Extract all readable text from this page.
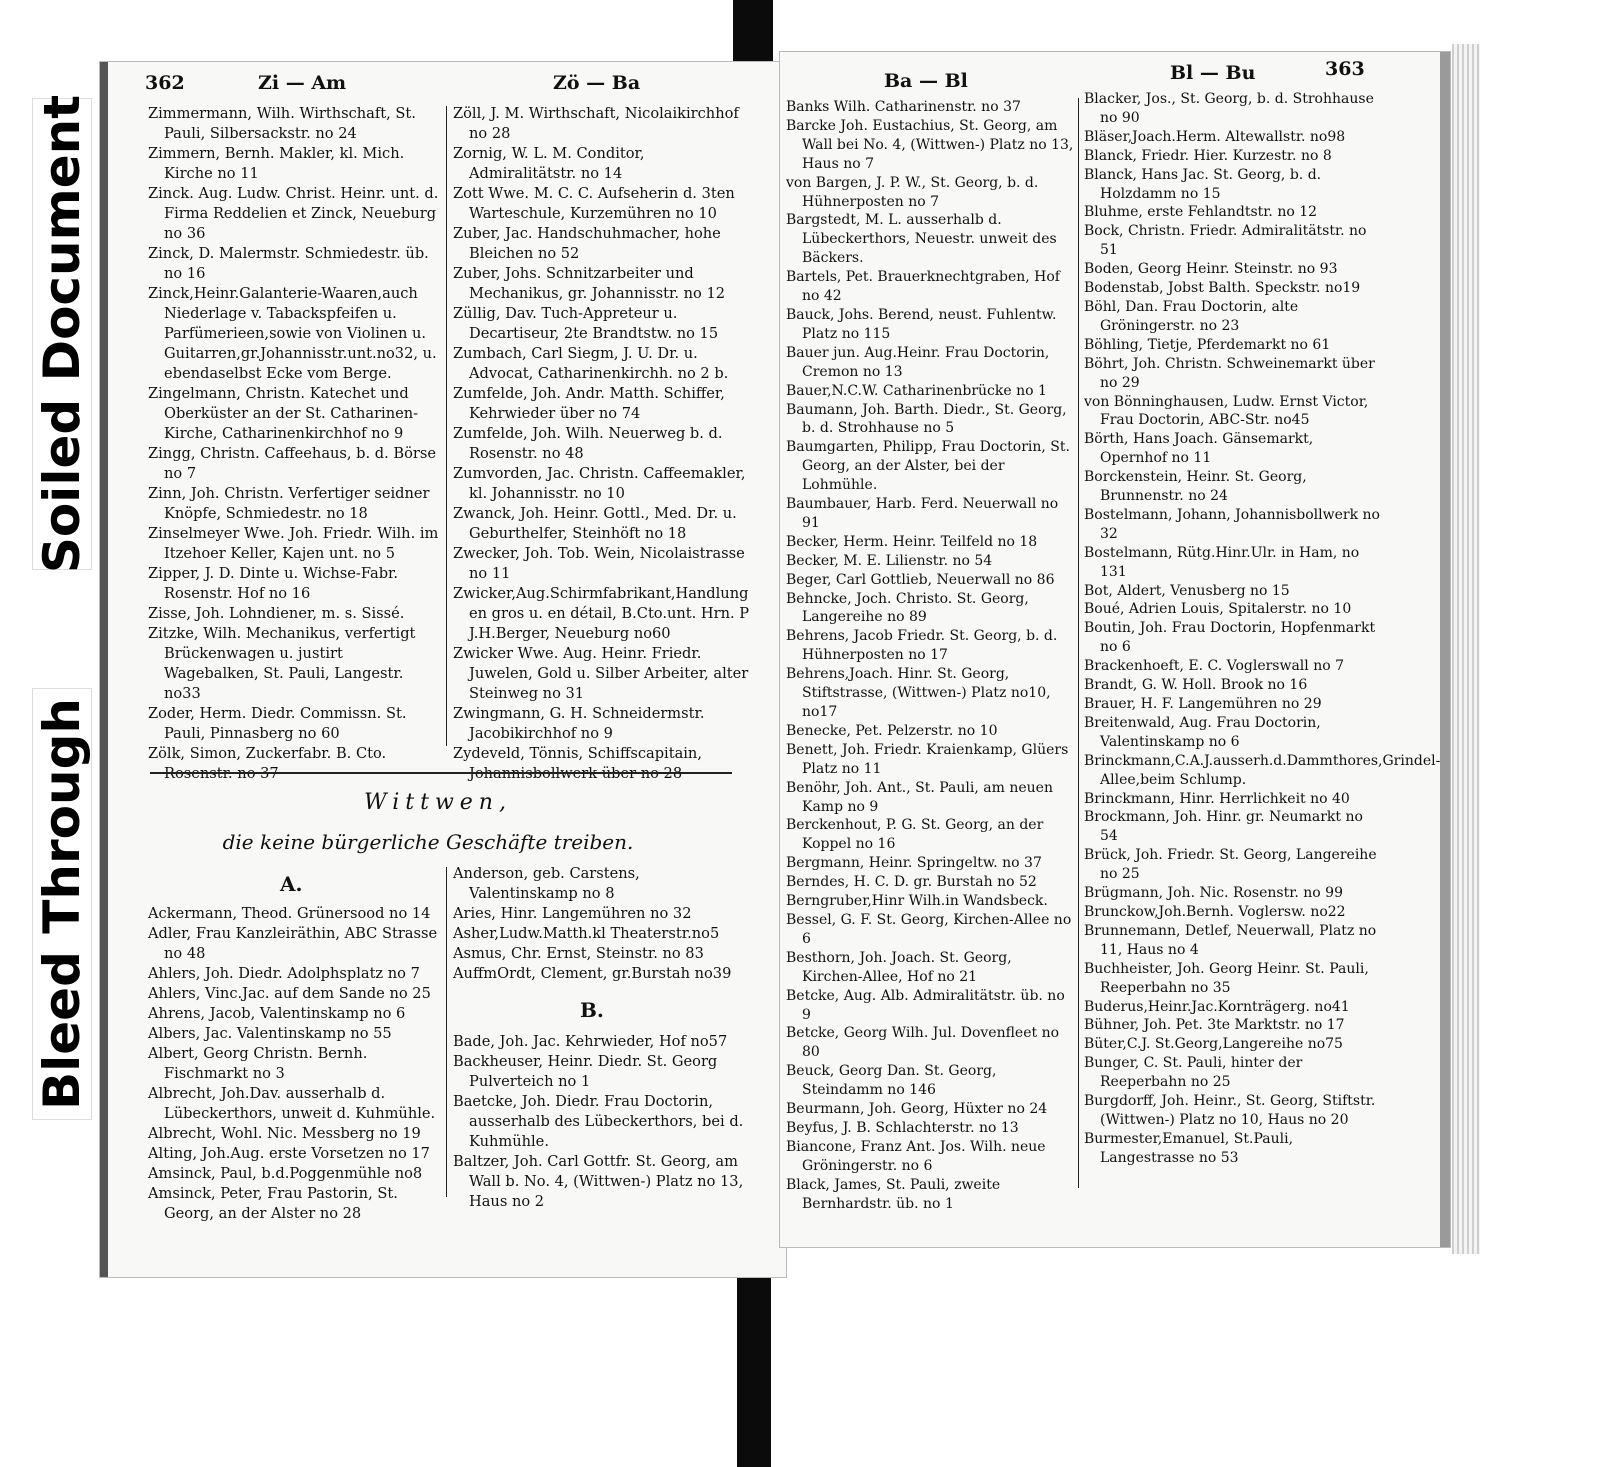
Soiled Document
Bleed Through
362	Zi — Am	Zö — Ba
Zimmermann, Wilh. Wirthschaft, St. Pauli, Silbersackstr. no 24
Zimmern, Bernh. Makler, kl. Mich. Kirche no 11
Zinck. Aug. Ludw. Christ. Heinr. unt. d. Firma Reddelien et Zinck, Neueburg no 36
Zinck, D. Malermstr. Schmiedestr. üb. no 16
Zinck,Heinr.Galanterie-Waaren,auch Niederlage v. Tabackspfeifen u. Parfümerieen,sowie von Violinen u. Guitarren,gr.Johannisstr.unt.no32, u. ebendaselbst Ecke vom Berge.
Zingelmann, Christn. Katechet und Oberküster an der St. Catharinen-Kirche, Catharinenkirchhof no 9
Zingg, Christn. Caffeehaus, b. d. Börse no 7
Zinn, Joh. Christn. Verfertiger seidner Knöpfe, Schmiedestr. no 18
Zinselmeyer Wwe. Joh. Friedr. Wilh. im Itzehoer Keller, Kajen unt. no 5
Zipper, J. D. Dinte u. Wichse-Fabr. Rosenstr. Hof no 16
Zisse, Joh. Lohndiener, m. s. Sissé.
Zitzke, Wilh. Mechanikus, verfertigt Brückenwagen u. justirt Wagebalken, St. Pauli, Langestr. no33
Zoder, Herm. Diedr. Commissn. St. Pauli, Pinnasberg no 60
Zölk, Simon, Zuckerfabr. B. Cto.
Zöll, J. M. Wirthschaft, Nicolaikirchhof no 28
Zornig, W. L. M. Conditor, Admiralitätstr. no 14
Zott Wwe. M. C. C. Aufseherin d. 3ten Warteschule, Kurzemühren no 10
Zuber, Jac. Handschuhmacher, hohe Bleichen no 52
Zuber, Johs. Schnitzarbeiter und Mechanikus, gr. Johannisstr. no 12
Züllig, Dav. Tuch-Appreteur u. Decartiseur, 2te Brandtstw. no 15
Zumbach, Carl Siegm, J. U. Dr. u. Advocat, Catharinenkirchh. no 2 b.
Zumfelde, Joh. Andr. Matth. Schiffer, Kehrwieder über no 74
Zumfelde, Joh. Wilh. Neuerweg b. d. Rosenstr. no 48
Zumvorden, Jac. Christn. Caffeemakler, kl. Johannisstr. no 10
Zwanck, Joh. Heinr. Gottl., Med. Dr. u. Geburthelfer, Steinhöft no 18
Zwecker, Joh. Tob. Wein, Nicolaistrasse no 11
Zwicker,Aug.Schirmfabrikant,Handlung en gros u. en détail, B.Cto.unt. Hrn. P J.H.Berger, Neueburg no60
Zwicker Wwe. Aug. Heinr. Friedr. Juwelen, Gold u. Silber Arbeiter, alter Steinweg no 31
Zwingmann, G. H. Schneidermstr. Jacobikirchhof no 9
Zydeveld, Tönnis, Schiffscapitain,
Wittwen,
die keine bürgerliche Geschäfte treiben.
A.
Ackermann, Theod. Grünersood no 14
Adler, Frau Kanzleiräthin, ABC Strasse no 48
Ahlers, Joh. Diedr. Adolphsplatz no 7
Ahlers, Vinc.Jac. auf dem Sande no 25
Ahrens, Jacob, Valentinskamp no 6
Albers, Jac. Valentinskamp no 55
Albert, Georg Christn. Bernh. Fischmarkt no 3
Albrecht, Joh.Dav. ausserhalb d. Lübeckerthors, unweit d. Kuhmühle.
Albrecht, Wohl. Nic. Messberg no 19
Alting, Joh.Aug. erste Vorsetzen no 17
Amsinck, Paul, b.d.Poggenmühle no8
Amsinck, Peter, Frau Pastorin, St. Georg, an der Alster no 28
Anderson, geb. Carstens, Valentinskamp no 8
Aries, Hinr. Langemühren no 32
Asher,Ludw.Matth.kl Theaterstr.no5
Asmus, Chr. Ernst, Steinstr. no 83
AuffmOrdt, Clement, gr.Burstah no39
B.
Bade, Joh. Jac. Kehrwieder, Hof no57
Backheuser, Heinr. Diedr. St. Georg Pulverteich no 1
Baetcke, Joh. Diedr. Frau Doctorin, ausserhalb des Lübeckerthors, bei d. Kuhmühle.
Baltzer, Joh. Carl Gottfr. St. Georg, am Wall b. No. 4, (Wittwen-) Platz no 13, Haus no 2
Ba — Bl	Bl — Bu	363
Banks Wilh. Catharinenstr. no 37
Barcke Joh. Eustachius, St. Georg, am Wall bei No. 4, (Wittwen-) Platz no 13, Haus no 7
von Bargen, J. P. W., St. Georg, b. d. Hühnerposten no 7
Bargstedt, M. L. ausserhalb d. Lübeckerthors, Neuestr. unweit des Bäckers.
Bartels, Pet. Brauerknechtgraben, Hof no 42
Bauck, Johs. Berend, neust. Fuhlentw. Platz no 115
Bauer jun. Aug.Heinr. Frau Doctorin, Cremon no 13
Bauer,N.C.W. Catharinenbrücke no 1
Baumann, Joh. Barth. Diedr., St. Georg, b. d. Strohhause no 5
Baumgarten, Philipp, Frau Doctorin, St. Georg, an der Alster, bei der Lohmühle.
Baumbauer, Harb. Ferd. Neuerwall no 91
Becker, Herm. Heinr. Teilfeld no 18
Becker, M. E. Lilienstr. no 54
Beger, Carl Gottlieb, Neuerwall no 86
Behncke, Joch. Christo. St. Georg, Langereihe no 89
Behrens, Jacob Friedr. St. Georg, b. d. Hühnerposten no 17
Behrens,Joach. Hinr. St. Georg, Stiftstrasse, (Wittwen-) Platz no10, no17
Benecke, Pet. Pelzerstr. no 10
Benett, Joh. Friedr. Kraienkamp, Glüers Platz no 11
Benöhr, Joh. Ant., St. Pauli, am neuen Kamp no 9
Berckenhout, P. G. St. Georg, an der Koppel no 16
Bergmann, Heinr. Springeltw. no 37
Berndes, H. C. D. gr. Burstah no 52
Berngruber,Hinr Wilh.in Wandsbeck.
Bessel, G. F. St. Georg, Kirchen-Allee no 6
Besthorn, Joh. Joach. St. Georg, Kirchen-Allee, Hof no 21
Betcke, Aug. Alb. Admiralitätstr. üb. no 9
Betcke, Georg Wilh. Jul. Dovenfleet no 80
Beuck, Georg Dan. St. Georg, Steindamm no 146
Beurmann, Joh. Georg, Hüxter no 24
Beyfus, J. B. Schlachterstr. no 13
Biancone, Franz Ant. Jos. Wilh. neue Gröningerstr. no 6
Black, James, St. Pauli, zweite Bernhardstr. üb. no 1
Blacker, Jos., St. Georg, b. d. Strohhause no 90
Bläser,Joach.Herm. Altewallstr. no98
Blanck, Friedr. Hier. Kurzestr. no 8
Blanck, Hans Jac. St. Georg, b. d. Holzdamm no 15
Bluhme, erste Fehlandtstr. no 12
Bock, Christn. Friedr. Admiralitätstr. no 51
Boden, Georg Heinr. Steinstr. no 93
Bodenstab, Jobst Balth. Speckstr. no19
Böhl, Dan. Frau Doctorin, alte Gröningerstr. no 23
Böhling, Tietje, Pferdemarkt no 61
Böhrt, Joh. Christn. Schweinemarkt über no 29
von Bönninghausen, Ludw. Ernst Victor, Frau Doctorin, ABC-Str. no45
Börth, Hans Joach. Gänsemarkt, Opernhof no 11
Borckenstein, Heinr. St. Georg, Brunnenstr. no 24
Bostelmann, Johann, Johannisbollwerk no 32
Bostelmann, Rütg.Hinr.Ulr. in Ham, no 131
Bot, Aldert, Venusberg no 15
Boué, Adrien Louis, Spitalerstr. no 10
Boutin, Joh. Frau Doctorin, Hopfenmarkt no 6
Brackenhoeft, E. C. Voglerswall no 7
Brandt, G. W. Holl. Brook no 16
Brauer, H. F. Langemühren no 29
Breitenwald, Aug. Frau Doctorin, Valentinskamp no 6
Brinckmann,C.A.J.ausserh.d.Dammthores,Grindel-Allee,beim Schlump.
Brinckmann, Hinr. Herrlichkeit no 40
Brockmann, Joh. Hinr. gr. Neumarkt no 54
Brück, Joh. Friedr. St. Georg, Langereihe no 25
Brügmann, Joh. Nic. Rosenstr. no 99
Brunckow,Joh.Bernh. Voglersw. no22
Brunnemann, Detlef, Neuerwall, Platz no 11, Haus no 4
Buchheister, Joh. Georg Heinr. St. Pauli, Reeperbahn no 35
Buderus,Heinr.Jac.Kornträgerg. no41
Bühner, Joh. Pet. 3te Marktstr. no 17
Büter,C.J. St.Georg,Langereihe no75
Bunger, C. St. Pauli, hinter der Reeperbahn no 25
Burgdorff, Joh. Heinr., St. Georg, Stiftstr. (Wittwen-) Platz no 10, Haus no 20
Burmester,Emanuel, St.Pauli, Langestrasse no 53
